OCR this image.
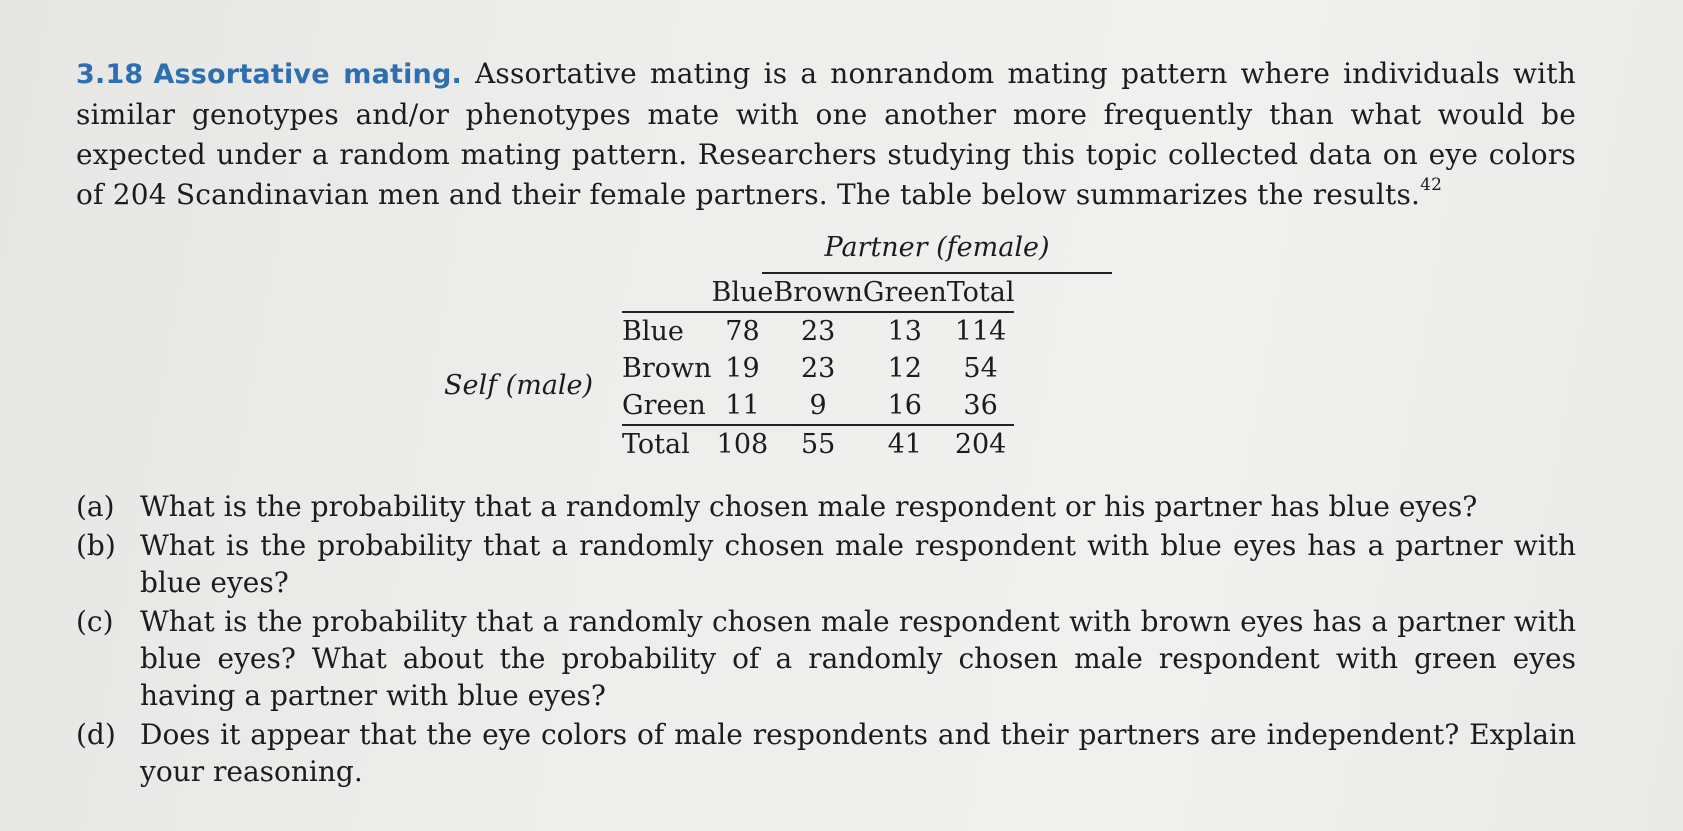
3.18 Assortative mating. Assortative mating is a nonrandom mating pattern where individuals with similar genotypes and/or phenotypes mate with one another more frequently than what would be expected under a random mating pattern. Researchers studying this topic collected data on eye colors of 204 Scandinavian men and their female partners. The table below summarizes the results.$^{42}$

Self (male)
Partner (female)
	Blue	Brown	Green	Total
Blue	78	23	13	114
Brown	19	23	12	54
Green	11	9	16	36
Total	108	55	41	204
(a) What is the probability that a randomly chosen male respondent or his partner has blue eyes?
(b) What is the probability that a randomly chosen male respondent with blue eyes has a partner with blue eyes?
(c) What is the probability that a randomly chosen male respondent with brown eyes has a partner with blue eyes? What about the probability of a randomly chosen male respondent with green eyes having a partner with blue eyes?
(d) Does it appear that the eye colors of male respondents and their partners are independent? Explain your reasoning.
